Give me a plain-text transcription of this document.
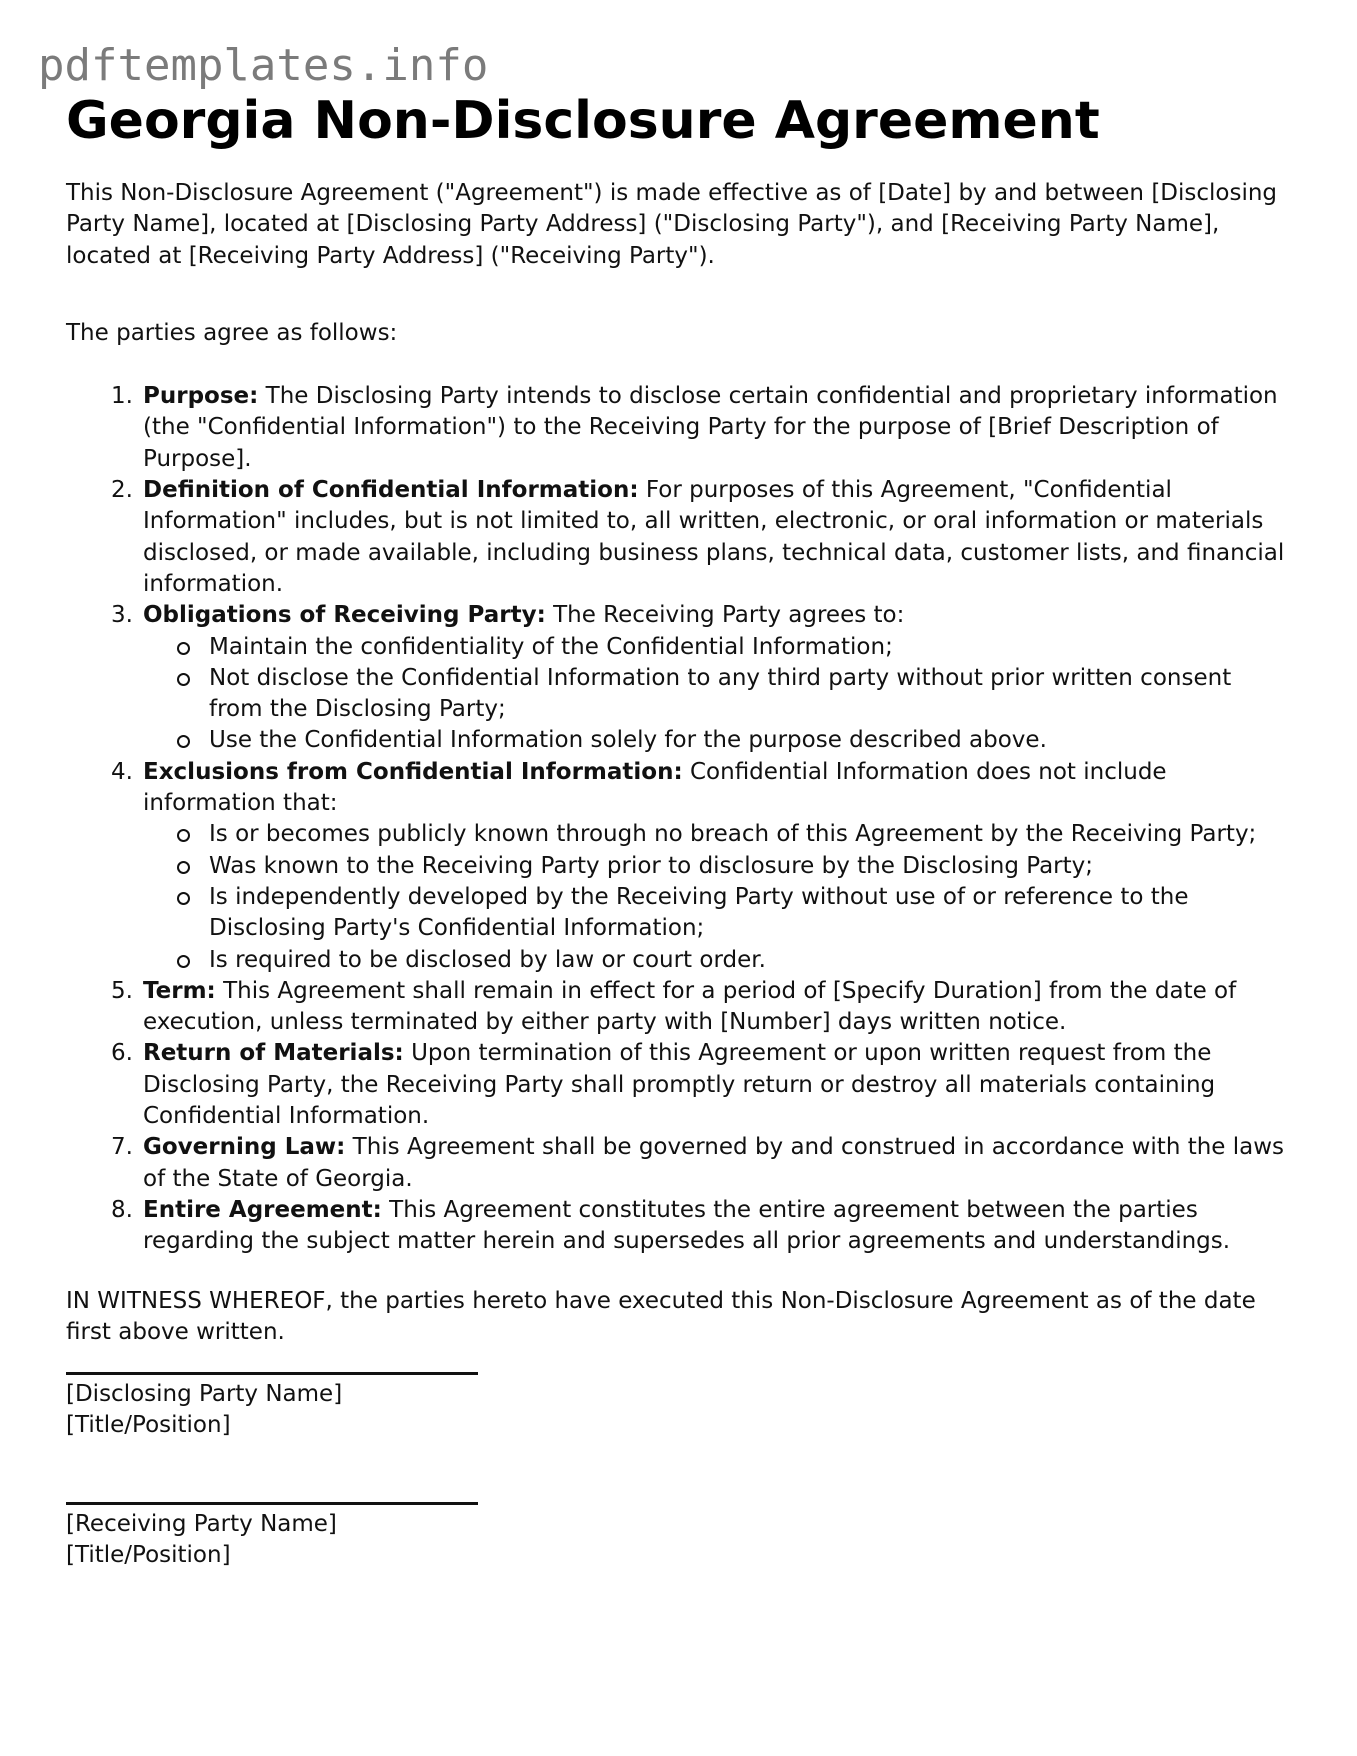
pdftemplates.info
Georgia Non-Disclosure Agreement

This Non-Disclosure Agreement ("Agreement") is made effective as of [Date] by and between [Disclosing Party Name], located at [Disclosing Party Address] ("Disclosing Party"), and [Receiving Party Name], located at [Receiving Party Address] ("Receiving Party").

The parties agree as follows:

1. Purpose: The Disclosing Party intends to disclose certain confidential and proprietary information (the "Confidential Information") to the Receiving Party for the purpose of [Brief Description of Purpose].
2. Definition of Confidential Information: For purposes of this Agreement, "Confidential Information" includes, but is not limited to, all written, electronic, or oral information or materials disclosed, or made available, including business plans, technical data, customer lists, and financial information.
3. Obligations of Receiving Party: The Receiving Party agrees to:
Maintain the confidentiality of the Confidential Information;
Not disclose the Confidential Information to any third party without prior written consent from the Disclosing Party;
Use the Confidential Information solely for the purpose described above.
4. Exclusions from Confidential Information: Confidential Information does not include information that:
Is or becomes publicly known through no breach of this Agreement by the Receiving Party;
Was known to the Receiving Party prior to disclosure by the Disclosing Party;
Is independently developed by the Receiving Party without use of or reference to the Disclosing Party's Confidential Information;
Is required to be disclosed by law or court order.
5. Term: This Agreement shall remain in effect for a period of [Specify Duration] from the date of execution, unless terminated by either party with [Number] days written notice.
6. Return of Materials: Upon termination of this Agreement or upon written request from the Disclosing Party, the Receiving Party shall promptly return or destroy all materials containing Confidential Information.
7. Governing Law: This Agreement shall be governed by and construed in accordance with the laws of the State of Georgia.
8. Entire Agreement: This Agreement constitutes the entire agreement between the parties regarding the subject matter herein and supersedes all prior agreements and understandings.

IN WITNESS WHEREOF, the parties hereto have executed this Non-Disclosure Agreement as of the date first above written.

[Disclosing Party Name]
[Title/Position]
[Receiving Party Name]
[Title/Position]
